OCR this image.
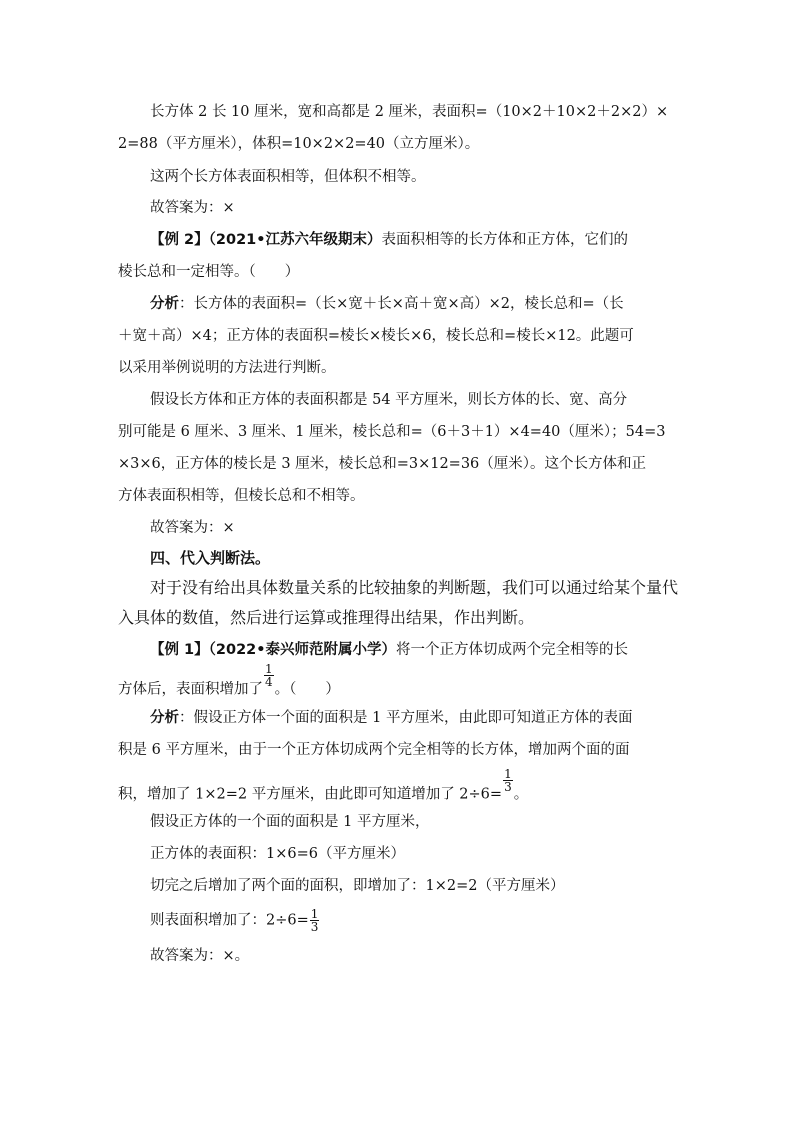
长方体 2 长 10 厘米，宽和高都是 2 厘米，表面积=（10×2＋10×2＋2×2）×
2=88（平方厘米），体积=10×2×2=40（立方厘米）。
这两个长方体表面积相等，但体积不相等。
故答案为：×
【例 2】（2021•江苏六年级期末）表面积相等的长方体和正方体，它们的
棱长总和一定相等。（　　）
分析：长方体的表面积=（长×宽＋长×高＋宽×高）×2，棱长总和=（长
＋宽＋高）×4；正方体的表面积=棱长×棱长×6，棱长总和=棱长×12。此题可
以采用举例说明的方法进行判断。
假设长方体和正方体的表面积都是 54 平方厘米，则长方体的长、宽、高分
别可能是 6 厘米、3 厘米、1 厘米，棱长总和=（6＋3＋1）×4=40（厘米）；54=3
×3×6，正方体的棱长是 3 厘米，棱长总和=3×12=36（厘米）。这个长方体和正
方体表面积相等，但棱长总和不相等。
故答案为：×
四、代入判断法。
对于没有给出具体数量关系的比较抽象的判断题，我们可以通过给某个量代
入具体的数值，然后进行运算或推理得出结果，作出判断。
【例 1】（2022•泰兴师范附属小学）将一个正方体切成两个完全相等的长
方体后，表面积增加了
$\frac{1}{4}$
。（　　）
分析：假设正方体一个面的面积是 1 平方厘米，由此即可知道正方体的表面
积是 6 平方厘米，由于一个正方体切成两个完全相等的长方体，增加两个面的面
积，增加了 1×2=2 平方厘米，由此即可知道增加了 2÷6=
$\frac{1}{3}$
。
假设正方体的一个面的面积是 1 平方厘米，
正方体的表面积：1×6=6（平方厘米）
切完之后增加了两个面的面积，即增加了：1×2=2（平方厘米）
则表面积增加了：$2\div 6= \frac{1}{3}$
故答案为：×。
